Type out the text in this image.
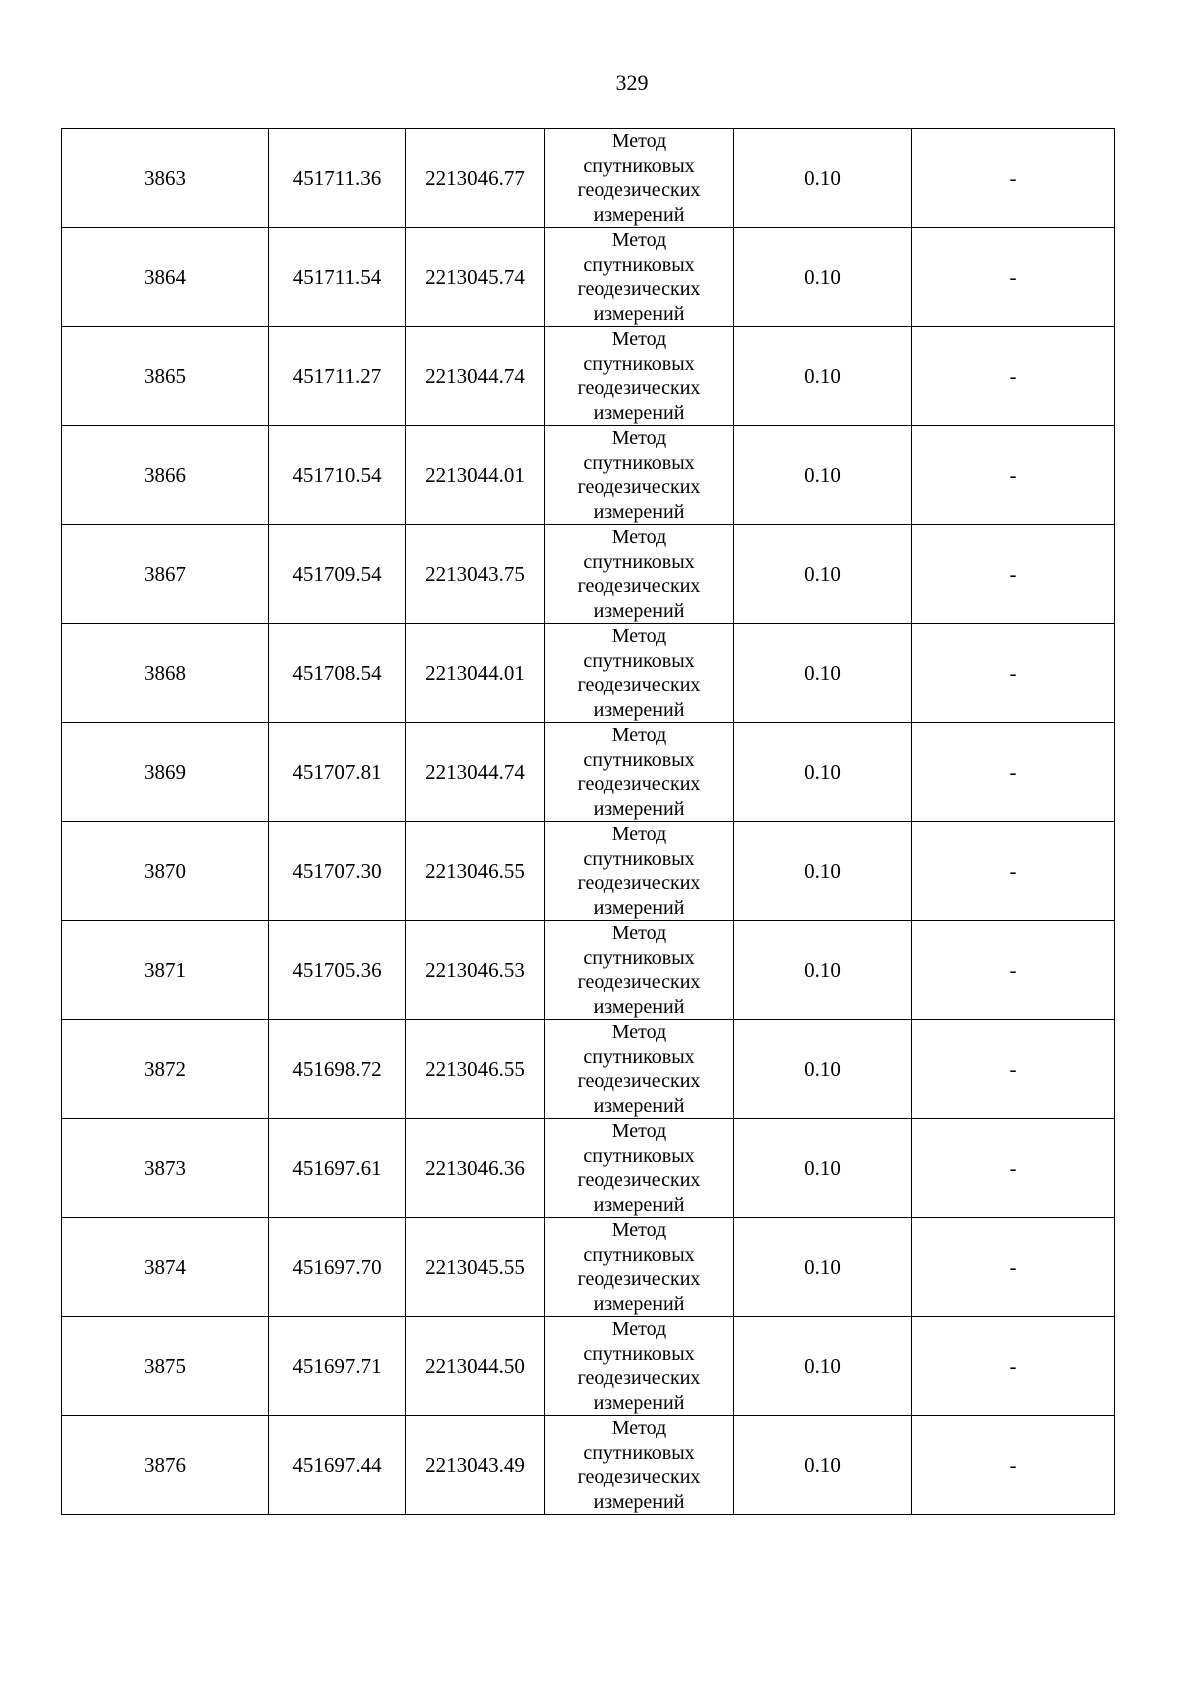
329
3863	451711.36	2213046.77	Метод
спутниковых
геодезических
измерений	0.10	-
3864	451711.54	2213045.74	Метод
спутниковых
геодезических
измерений	0.10	-
3865	451711.27	2213044.74	Метод
спутниковых
геодезических
измерений	0.10	-
3866	451710.54	2213044.01	Метод
спутниковых
геодезических
измерений	0.10	-
3867	451709.54	2213043.75	Метод
спутниковых
геодезических
измерений	0.10	-
3868	451708.54	2213044.01	Метод
спутниковых
геодезических
измерений	0.10	-
3869	451707.81	2213044.74	Метод
спутниковых
геодезических
измерений	0.10	-
3870	451707.30	2213046.55	Метод
спутниковых
геодезических
измерений	0.10	-
3871	451705.36	2213046.53	Метод
спутниковых
геодезических
измерений	0.10	-
3872	451698.72	2213046.55	Метод
спутниковых
геодезических
измерений	0.10	-
3873	451697.61	2213046.36	Метод
спутниковых
геодезических
измерений	0.10	-
3874	451697.70	2213045.55	Метод
спутниковых
геодезических
измерений	0.10	-
3875	451697.71	2213044.50	Метод
спутниковых
геодезических
измерений	0.10	-
3876	451697.44	2213043.49	Метод
спутниковых
геодезических
измерений	0.10	-
